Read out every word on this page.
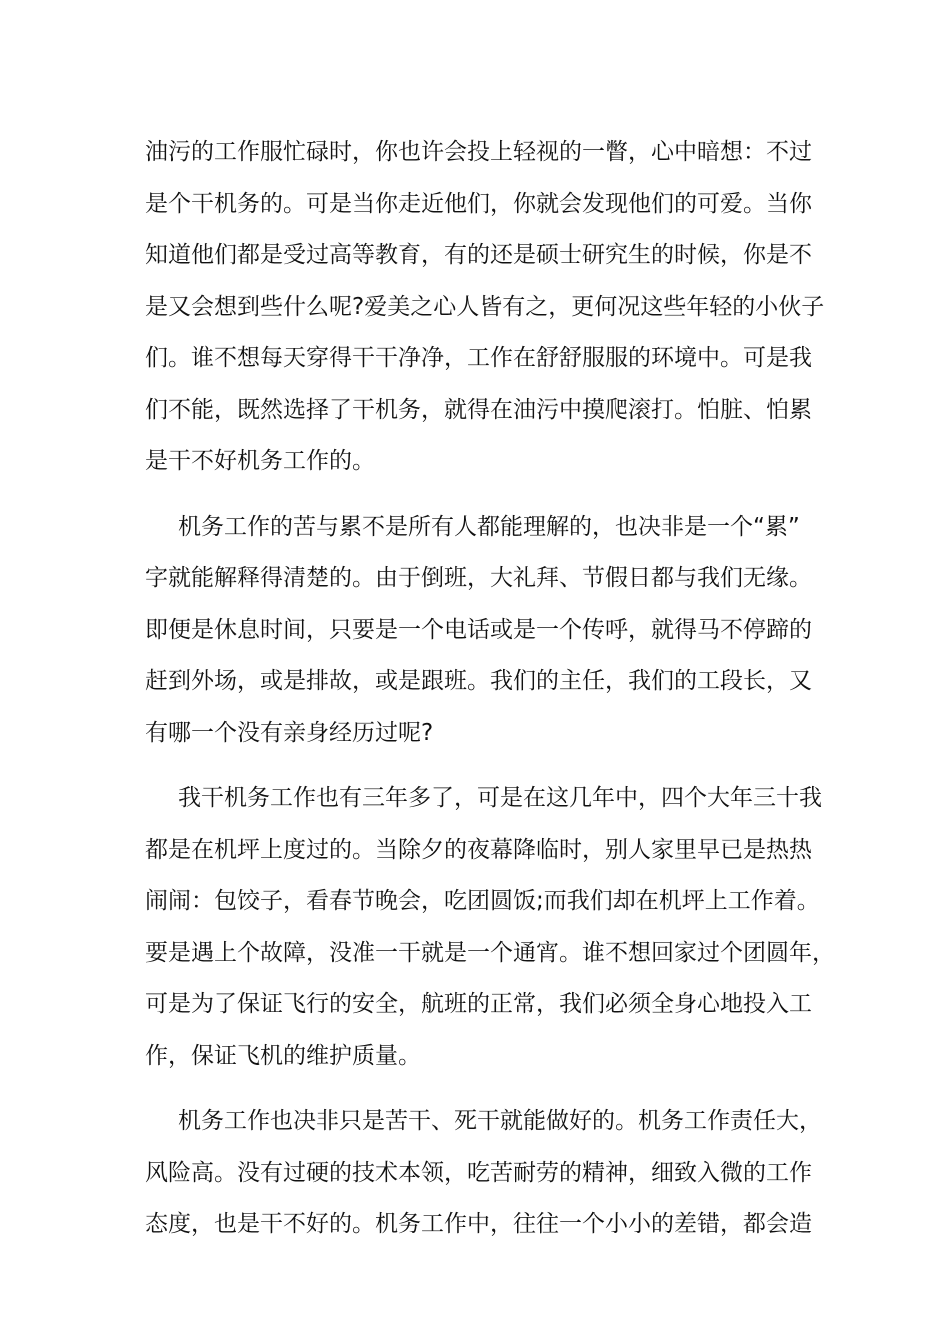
油污的工作服忙碌时，你也许会投上轻视的一瞥，心中暗想：不过
是个干机务的。可是当你走近他们，你就会发现他们的可爱。当你
知道他们都是受过高等教育，有的还是硕士研究生的时候，你是不
是又会想到些什么呢?爱美之心人皆有之，更何况这些年轻的小伙子
们。谁不想每天穿得干干净净，工作在舒舒服服的环境中。可是我
们不能，既然选择了干机务，就得在油污中摸爬滚打。怕脏、怕累
是干不好机务工作的。
机务工作的苦与累不是所有人都能理解的，也决非是一个“累”
字就能解释得清楚的。由于倒班，大礼拜、节假日都与我们无缘。
即便是休息时间，只要是一个电话或是一个传呼，就得马不停蹄的
赶到外场，或是排故，或是跟班。我们的主任，我们的工段长，又
有哪一个没有亲身经历过呢?
我干机务工作也有三年多了，可是在这几年中，四个大年三十我
都是在机坪上度过的。当除夕的夜幕降临时，别人家里早已是热热
闹闹：包饺子，看春节晚会，吃团圆饭;而我们却在机坪上工作着。
要是遇上个故障，没准一干就是一个通宵。谁不想回家过个团圆年，
可是为了保证飞行的安全，航班的正常，我们必须全身心地投入工
作，保证飞机的维护质量。
机务工作也决非只是苦干、死干就能做好的。机务工作责任大，
风险高。没有过硬的技术本领，吃苦耐劳的精神，细致入微的工作
态度，也是干不好的。机务工作中，往往一个小小的差错，都会造
